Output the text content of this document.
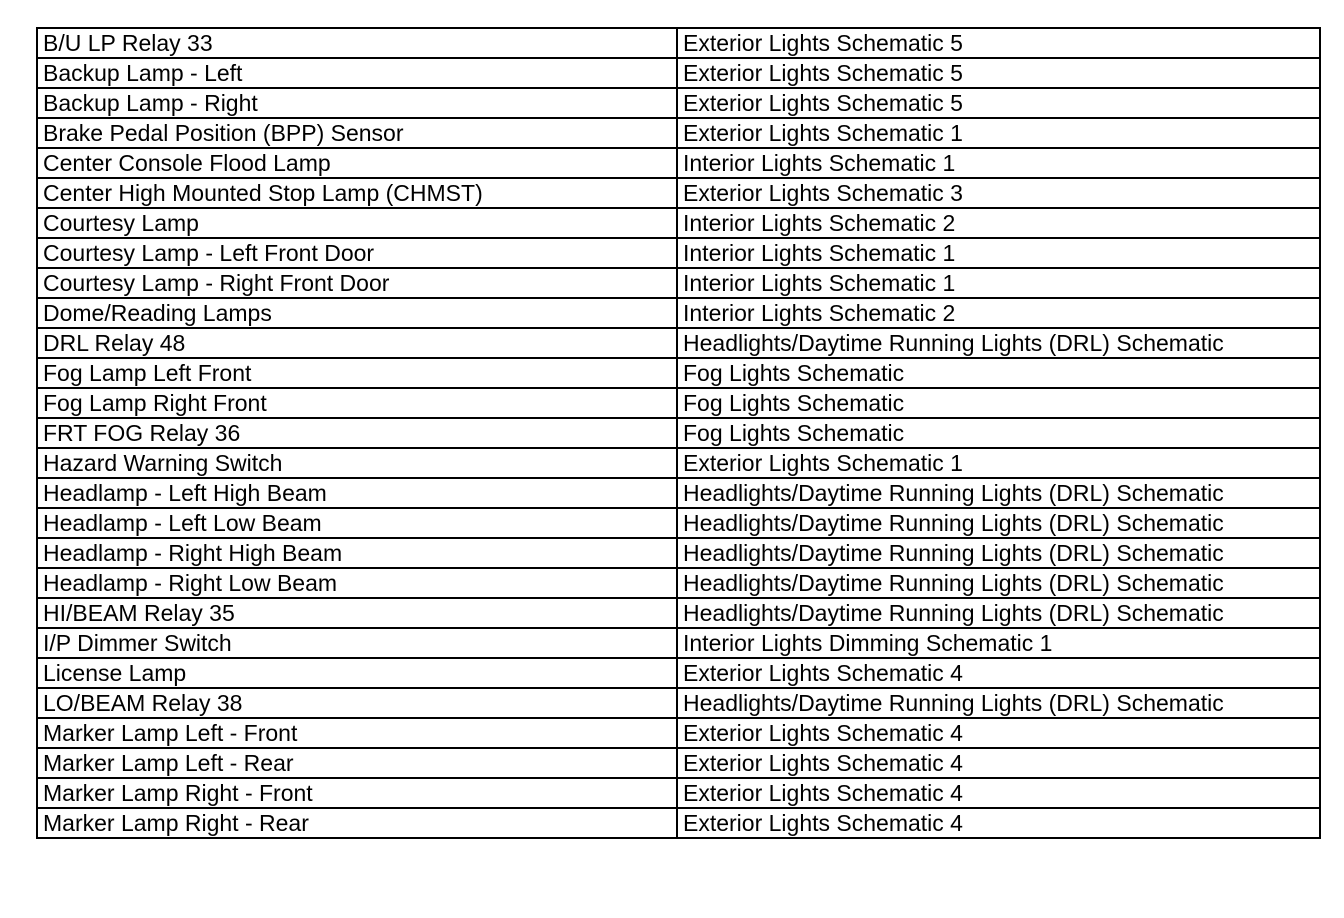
B/U LP Relay 33	Exterior Lights Schematic 5
Backup Lamp - Left	Exterior Lights Schematic 5
Backup Lamp - Right	Exterior Lights Schematic 5
Brake Pedal Position (BPP) Sensor	Exterior Lights Schematic 1
Center Console Flood Lamp	Interior Lights Schematic 1
Center High Mounted Stop Lamp (CHMST)	Exterior Lights Schematic 3
Courtesy Lamp	Interior Lights Schematic 2
Courtesy Lamp - Left Front Door	Interior Lights Schematic 1
Courtesy Lamp - Right Front Door	Interior Lights Schematic 1
Dome/Reading Lamps	Interior Lights Schematic 2
DRL Relay 48	Headlights/Daytime Running Lights (DRL) Schematic
Fog Lamp Left Front	Fog Lights Schematic
Fog Lamp Right Front	Fog Lights Schematic
FRT FOG Relay 36	Fog Lights Schematic
Hazard Warning Switch	Exterior Lights Schematic 1
Headlamp - Left High Beam	Headlights/Daytime Running Lights (DRL) Schematic
Headlamp - Left Low Beam	Headlights/Daytime Running Lights (DRL) Schematic
Headlamp - Right High Beam	Headlights/Daytime Running Lights (DRL) Schematic
Headlamp - Right Low Beam	Headlights/Daytime Running Lights (DRL) Schematic
HI/BEAM Relay 35	Headlights/Daytime Running Lights (DRL) Schematic
I/P Dimmer Switch	Interior Lights Dimming Schematic 1
License Lamp	Exterior Lights Schematic 4
LO/BEAM Relay 38	Headlights/Daytime Running Lights (DRL) Schematic
Marker Lamp Left - Front	Exterior Lights Schematic 4
Marker Lamp Left - Rear	Exterior Lights Schematic 4
Marker Lamp Right - Front	Exterior Lights Schematic 4
Marker Lamp Right - Rear	Exterior Lights Schematic 4
